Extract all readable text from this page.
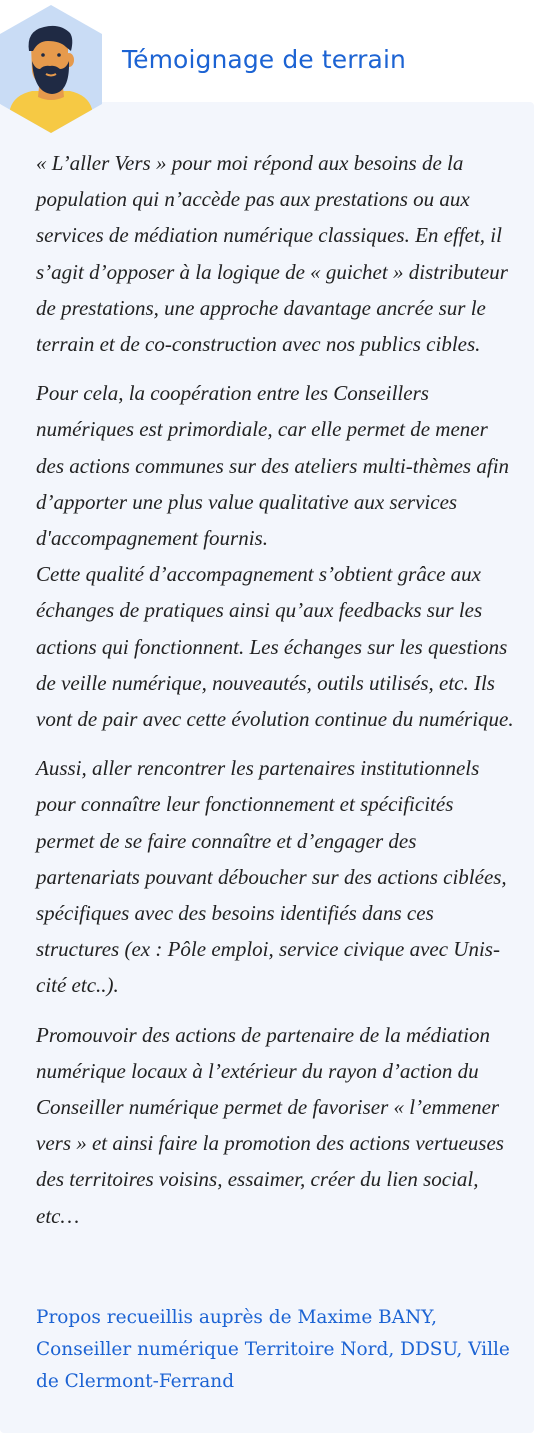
Témoignage de terrain

« L’aller Vers » pour moi répond aux besoins de la population qui n’accède pas aux prestations ou aux services de médiation numérique classiques. En effet, il s’agit d’opposer à la logique de « guichet » distributeur de prestations, une approche davantage ancrée sur le terrain et de co-construction avec nos publics cibles.

Pour cela, la coopération entre les Conseillers numériques est primordiale, car elle permet de mener des actions communes sur des ateliers multi-thèmes afin d’apporter une plus value qualitative aux services d'accompagnement fournis.

Cette qualité d’accompagnement s’obtient grâce aux échanges de pratiques ainsi qu’aux feedbacks sur les actions qui fonctionnent. Les échanges sur les questions de veille numérique, nouveautés, outils utilisés, etc. Ils vont de pair avec cette évolution continue du numérique.

Aussi, aller rencontrer les partenaires institutionnels pour connaître leur fonctionnement et spécificités permet de se faire connaître et d’engager des partenariats pouvant déboucher sur des actions ciblées, spécifiques avec des besoins identifiés dans ces structures (ex : Pôle emploi, service civique avec Unis-cité etc..).

Promouvoir des actions de partenaire de la médiation numérique locaux à l’extérieur du rayon d’action du Conseiller numérique permet de favoriser « l’emmener vers » et ainsi faire la promotion des actions vertueuses des territoires voisins, essaimer, créer du lien social, etc…

Propos recueillis auprès de Maxime BANY, Conseiller numérique Territoire Nord, DDSU, Ville de Clermont-Ferrand
